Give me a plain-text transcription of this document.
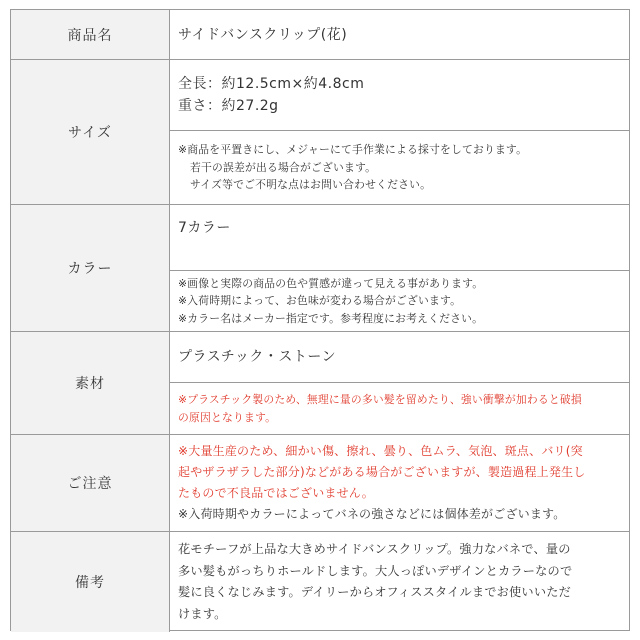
商品名	サイドバンスクリップ(花)
サイズ
全長：約12.5cm×約4.8cm
重さ：約27.2g
※商品を平置きにし、メジャーにて手作業による採寸をしております。
若干の誤差が出る場合がございます。
サイズ等でご不明な点はお問い合わせください。
カラー
7カラー
※画像と実際の商品の色や質感が違って見える事があります。
※入荷時期によって、お色味が変わる場合がございます。
※カラー名はメーカー指定です。参考程度にお考えください。
素材
プラスチック・ストーン
※プラスチック製のため、無理に量の多い髪を留めたり、強い衝撃が加わると破損
の原因となります。
ご注意
※大量生産のため、細かい傷、擦れ、曇り、色ムラ、気泡、斑点、バリ(突
起やザラザラした部分)などがある場合がございますが、製造過程上発生し
たもので不良品ではございません。
※入荷時期やカラーによってバネの強さなどには個体差がございます。
備考
花モチーフが上品な大きめサイドバンスクリップ。強力なバネで、量の
多い髪もがっちりホールドします。大人っぽいデザインとカラーなので
髪に良くなじみます。デイリーからオフィススタイルまでお使いいただ
けます。
